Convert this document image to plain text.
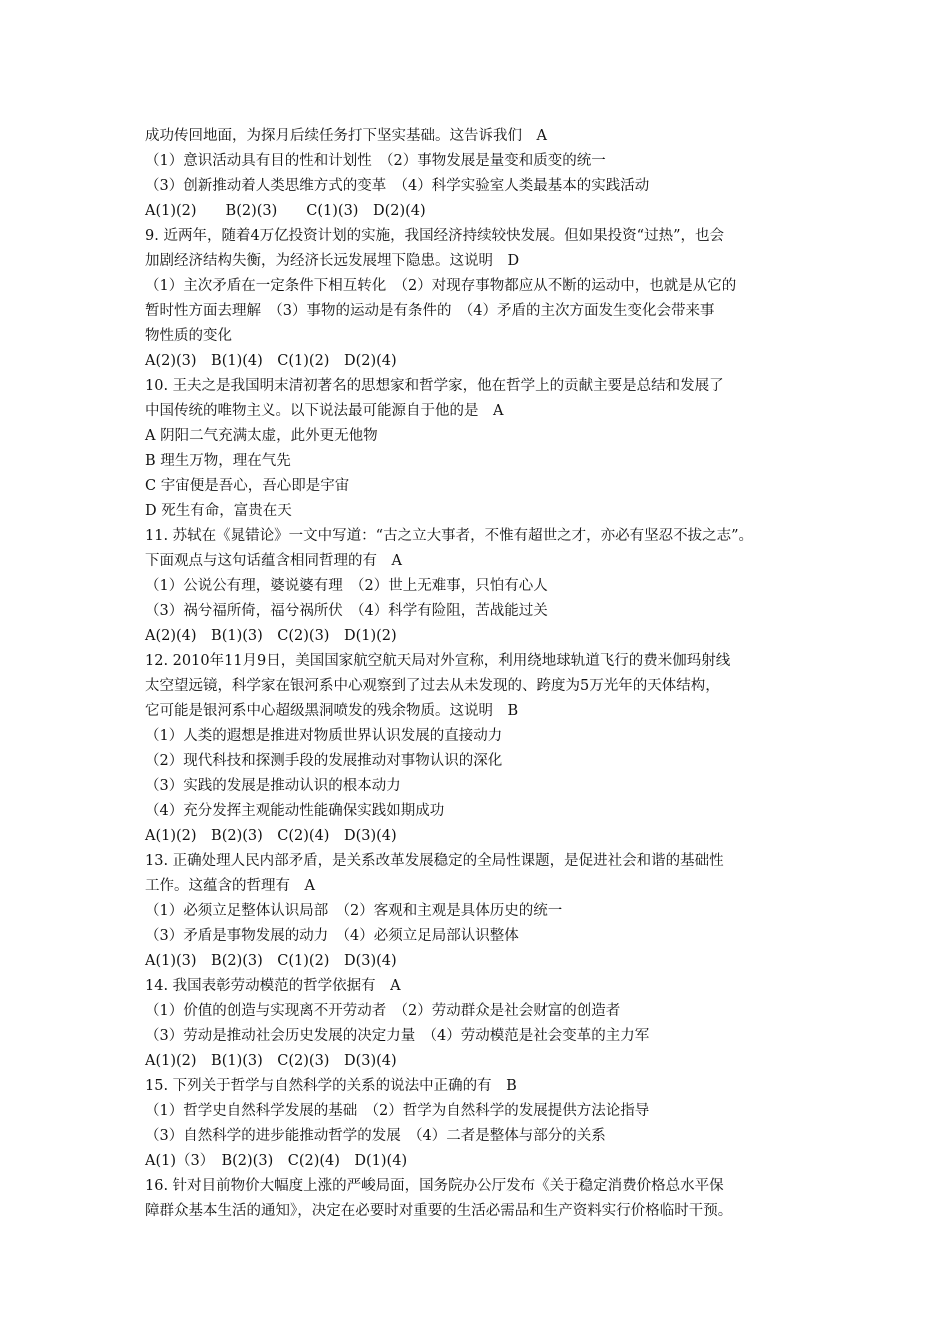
成功传回地面，为探月后续任务打下坚实基础。这告诉我们　A
（1）意识活动具有目的性和计划性　（2）事物发展是量变和质变的统一
（3）创新推动着人类思维方式的变革　（4）科学实验室人类最基本的实践活动
A(1)(2)　　B(2)(3)　　C(1)(3)　D(2)(4)
9. 近两年，随着4万亿投资计划的实施，我国经济持续较快发展。但如果投资“过热”，也会
加剧经济结构失衡，为经济长远发展埋下隐患。这说明　D
（1）主次矛盾在一定条件下相互转化　（2）对现存事物都应从不断的运动中，也就是从它的
暂时性方面去理解　（3）事物的运动是有条件的　（4）矛盾的主次方面发生变化会带来事
物性质的变化
A(2)(3)　B(1)(4)　C(1)(2)　D(2)(4)
10. 王夫之是我国明末清初著名的思想家和哲学家，他在哲学上的贡献主要是总结和发展了
中国传统的唯物主义。以下说法最可能源自于他的是　A
A 阴阳二气充满太虚，此外更无他物
B 理生万物，理在气先
C 宇宙便是吾心，吾心即是宇宙
D 死生有命，富贵在天
11. 苏轼在《晁错论》一文中写道：“古之立大事者，不惟有超世之才，亦必有坚忍不拔之志”。
下面观点与这句话蕴含相同哲理的有　A
（1）公说公有理，婆说婆有理　（2）世上无难事，只怕有心人
（3）祸兮福所倚，福兮祸所伏　（4）科学有险阻，苦战能过关
A(2)(4)　B(1)(3)　C(2)(3)　D(1)(2)
12. 2010年11月9日，美国国家航空航天局对外宣称，利用绕地球轨道飞行的费米伽玛射线
太空望远镜，科学家在银河系中心观察到了过去从未发现的、跨度为5万光年的天体结构，
它可能是银河系中心超级黑洞喷发的残余物质。这说明　B
（1）人类的遐想是推进对物质世界认识发展的直接动力
（2）现代科技和探测手段的发展推动对事物认识的深化
（3）实践的发展是推动认识的根本动力
（4）充分发挥主观能动性能确保实践如期成功
A(1)(2)　B(2)(3)　C(2)(4)　D(3)(4)
13. 正确处理人民内部矛盾，是关系改革发展稳定的全局性课题，是促进社会和谐的基础性
工作。这蕴含的哲理有　A
（1）必须立足整体认识局部　（2）客观和主观是具体历史的统一
（3）矛盾是事物发展的动力　（4）必须立足局部认识整体
A(1)(3)　B(2)(3)　C(1)(2)　D(3)(4)
14. 我国表彰劳动模范的哲学依据有　A
（1）价值的创造与实现离不开劳动者　（2）劳动群众是社会财富的创造者
（3）劳动是推动社会历史发展的决定力量　（4）劳动模范是社会变革的主力军
A(1)(2)　B(1)(3)　C(2)(3)　D(3)(4)
15. 下列关于哲学与自然科学的关系的说法中正确的有　B
（1）哲学史自然科学发展的基础　（2）哲学为自然科学的发展提供方法论指导
（3）自然科学的进步能推动哲学的发展　（4）二者是整体与部分的关系
A(1)（3）　B(2)(3)　C(2)(4)　D(1)(4)
16. 针对目前物价大幅度上涨的严峻局面，国务院办公厅发布《关于稳定消费价格总水平保
障群众基本生活的通知》，决定在必要时对重要的生活必需品和生产资料实行价格临时干预。
